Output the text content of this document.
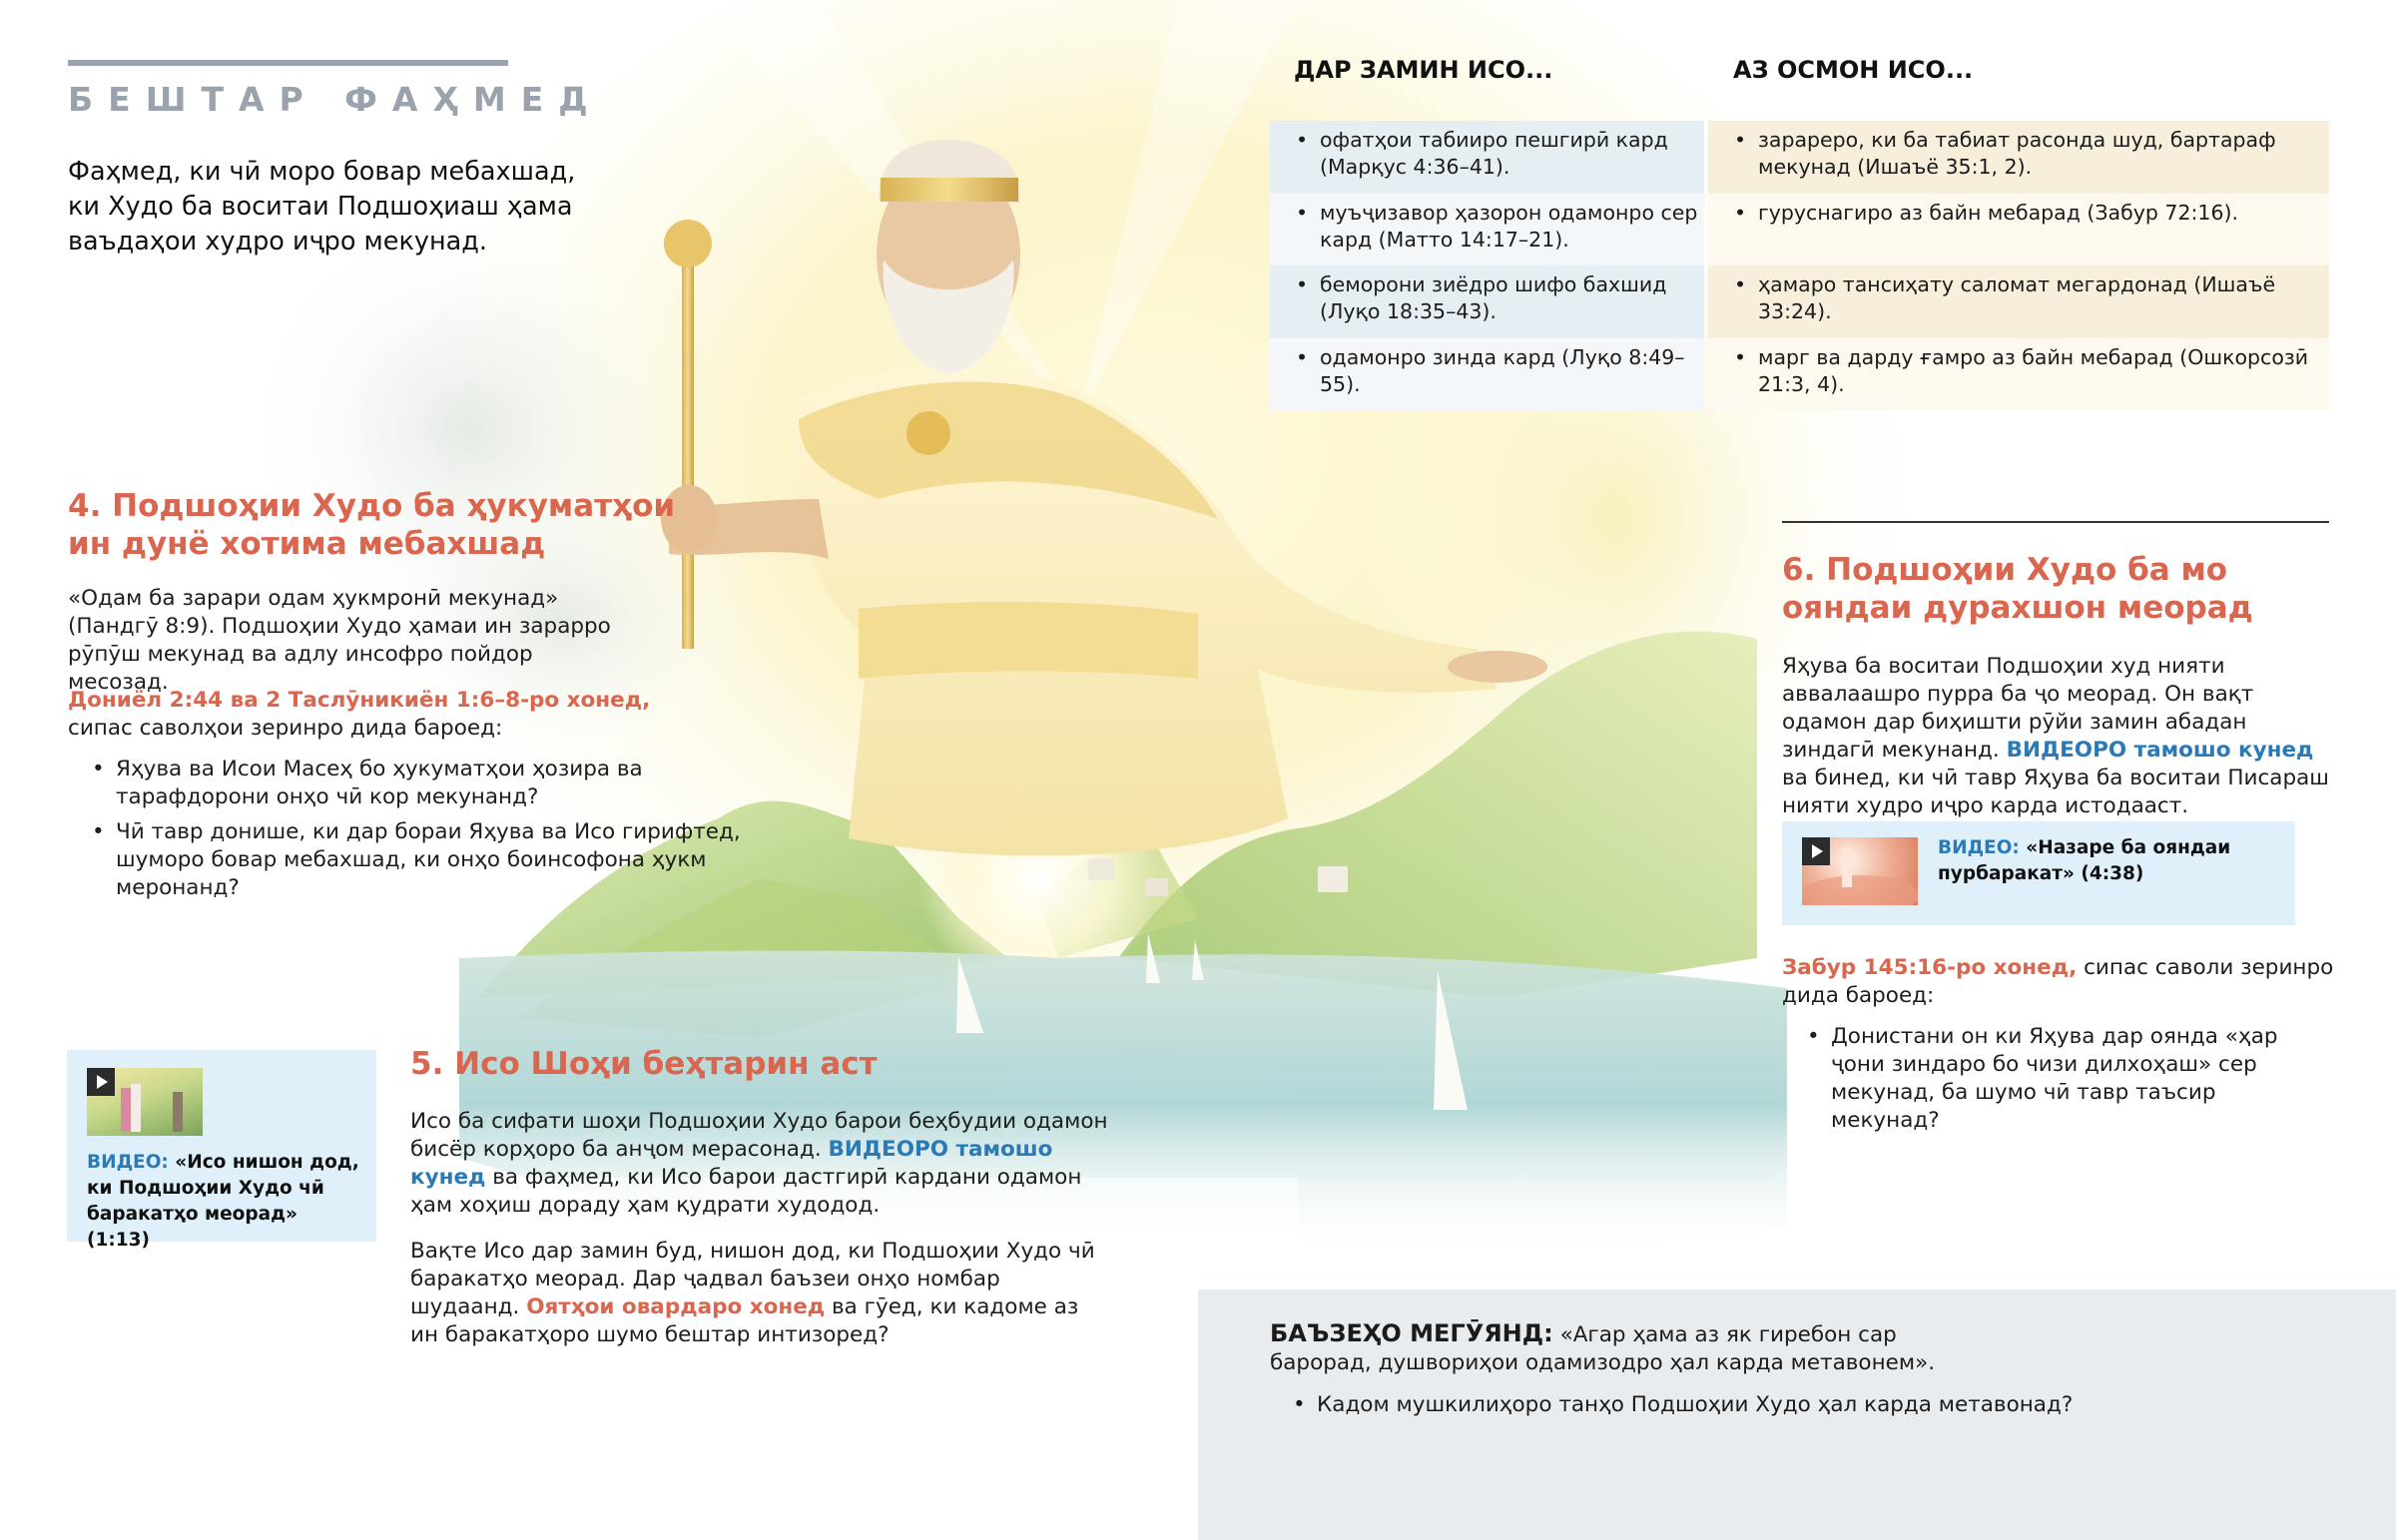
БЕШТАР ФАҲМЕД

Фаҳмед, ки чӣ моро бовар мебахшад, ки Худо ба воситаи Подшоҳиаш ҳама ваъдаҳои худро иҷро мекунад.

4. Подшоҳии Худо ба ҳукуматҳои ин дунё хотима мебахшад

«Одам ба зарари одам ҳукмронӣ мекунад» (Пандгӯ 8:9). Подшоҳии Худо ҳамаи ин зарарро рӯпӯш мекунад ва адлу инсофро пойдор месозад.

Дониёл 2:44 ва 2 Таслӯникиён 1:6–8-ро хонед, сипас саволҳои зеринро дида бароед:

• Яҳува ва Исои Масеҳ бо ҳукуматҳои ҳозира ва тарафдорони онҳо чӣ кор мекунанд?
• Чӣ тавр донише, ки дар бораи Яҳува ва Исо гирифтед, шуморо бовар мебахшад, ки онҳо боинсофона ҳукм меронанд?
ВИДЕО: «Исо нишон дод, ки Подшоҳии Худо чӣ баракатҳо меорад» (1:13)
5. Исо Шоҳи беҳтарин аст

Исо ба сифати шоҳи Подшоҳии Худо барои беҳбудии одамон бисёр корҳоро ба анҷом мерасонад. ВИДЕОРО тамошо кунед ва фаҳмед, ки Исо барои дастгирӣ кардани одамон ҳам хоҳиш дораду ҳам қудрати худодод.

Вақте Исо дар замин буд, нишон дод, ки Подшоҳии Худо чӣ баракатҳо меорад. Дар ҷадвал баъзеи онҳо номбар шудаанд. Оятҳои овардаро хонед ва гӯед, ки кадоме аз ин баракатҳоро шумо бештар интизоред?

ДАР ЗАМИН ИСО...	АЗ ОСМОН ИСО...
• офатҳои табииро пешгирӣ кард (Марқус 4:36–41).
• муъҷизавор ҳазорон одамонро сер кард (Матто 14:17–21).
• беморони зиёдро шифо бахшид (Луқо 18:35–43).
• одамонро зинда кард (Луқо 8:49–55).
• зарареро, ки ба табиат расонда шуд, бартараф мекунад (Ишаъё 35:1, 2).
• гуруснагиро аз байн мебарад (Забур 72:16).
• ҳамаро тансиҳату саломат мегардонад (Ишаъё 33:24).
• марг ва дарду ғамро аз байн мебарад (Ошкорсозӣ 21:3, 4).
6. Подшоҳии Худо ба мо ояндаи дурахшон меорад

Яҳува ба воситаи Подшоҳии худ нияти аввалаашро пурра ба ҷо меорад. Он вақт одамон дар биҳишти рӯйи замин абадан зиндагӣ мекунанд. ВИДЕОРО тамошо кунед ва бинед, ки чӣ тавр Яҳува ба воситаи Писараш нияти худро иҷро карда истодааст.

ВИДЕО: «Назаре ба ояндаи пурбаракат» (4:38)

Забур 145:16-ро хонед, сипас саволи зеринро дида бароед:

• Донистани он ки Яҳува дар оянда «ҳар ҷони зиндаро бо чизи дилхоҳаш» сер мекунад, ба шумо чӣ тавр таъсир мекунад?

БАЪЗЕҲО МЕГӮЯНД: «Агар ҳама аз як гиребон сар барорад, душвориҳои одамизодро ҳал карда метавонем».

• Кадом мушкилиҳоро танҳо Подшоҳии Худо ҳал карда метавонад?
